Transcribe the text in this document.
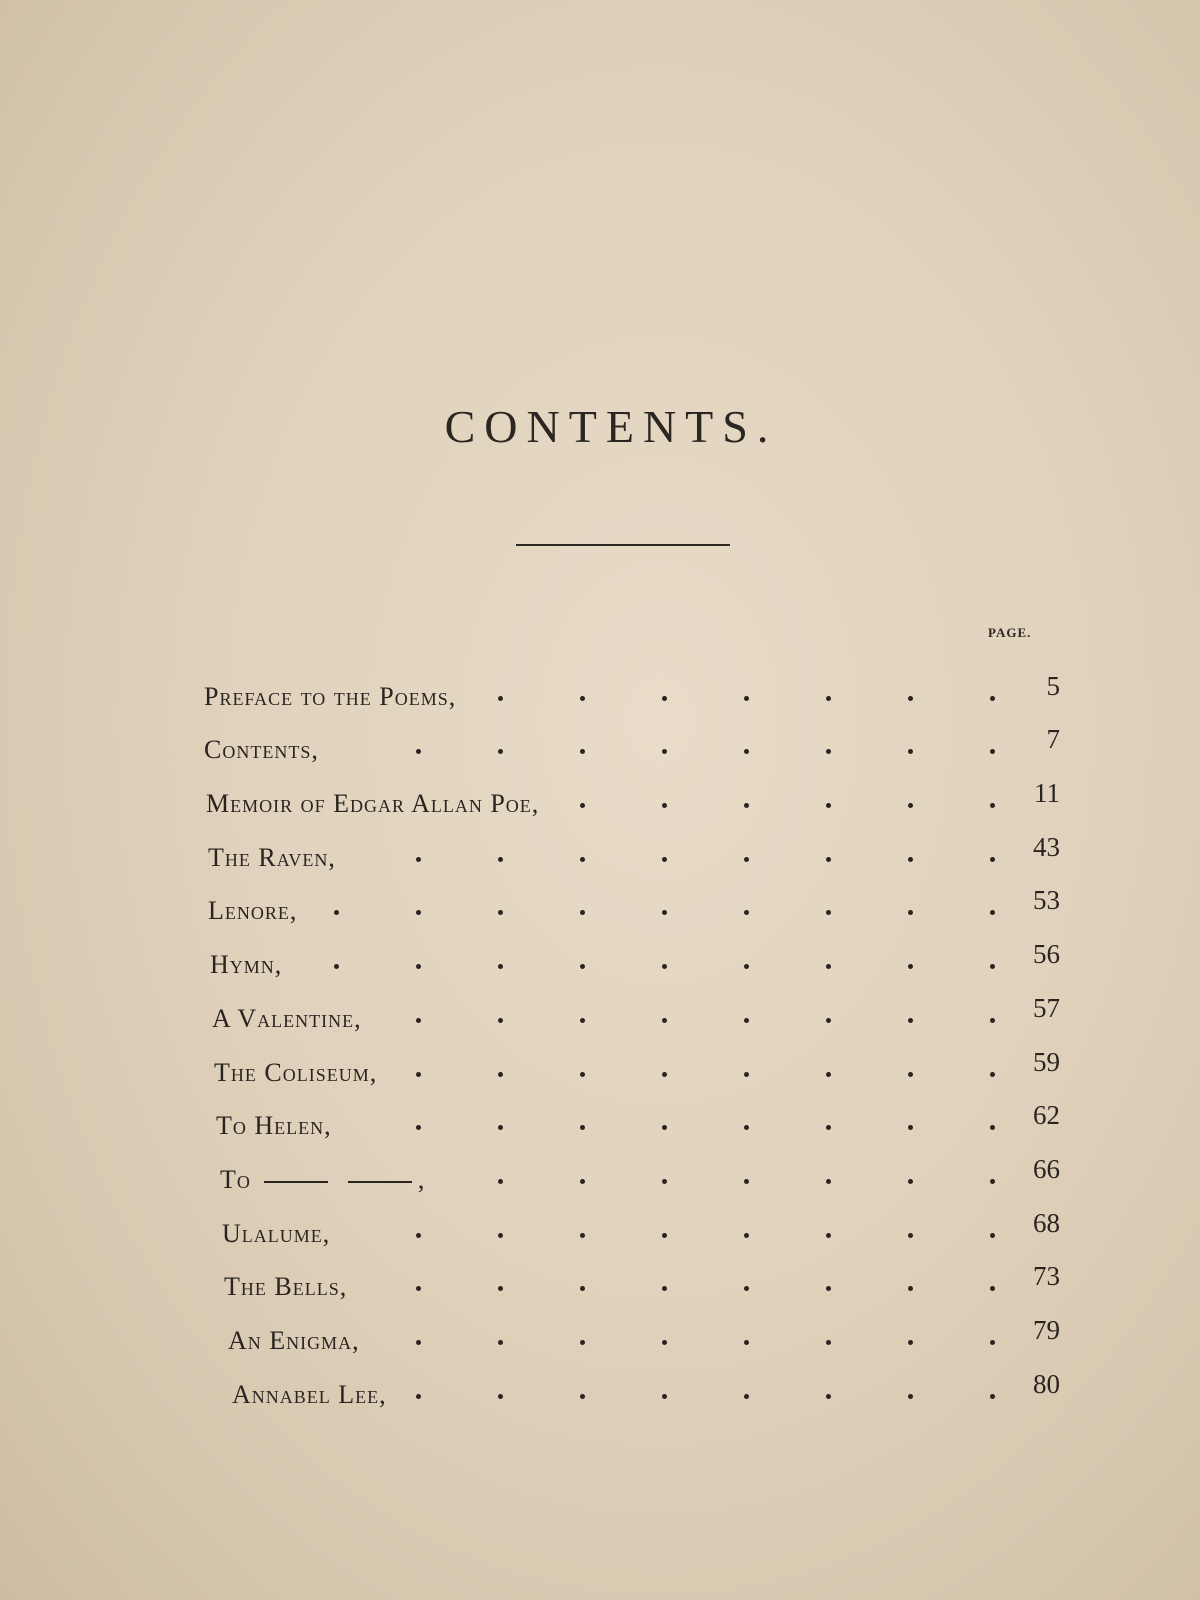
CONTENTS.
PAGE.
Preface to the Poems,	5
Contents,	7
Memoir of Edgar Allan Poe,	11
The Raven,	43
Lenore,	53
Hymn,	56
A Valentine,	57
The Coliseum,	59
To Helen,	62
To	,	66
Ulalume,	68
The Bells,	73
An Enigma,	79
Annabel Lee,	80
